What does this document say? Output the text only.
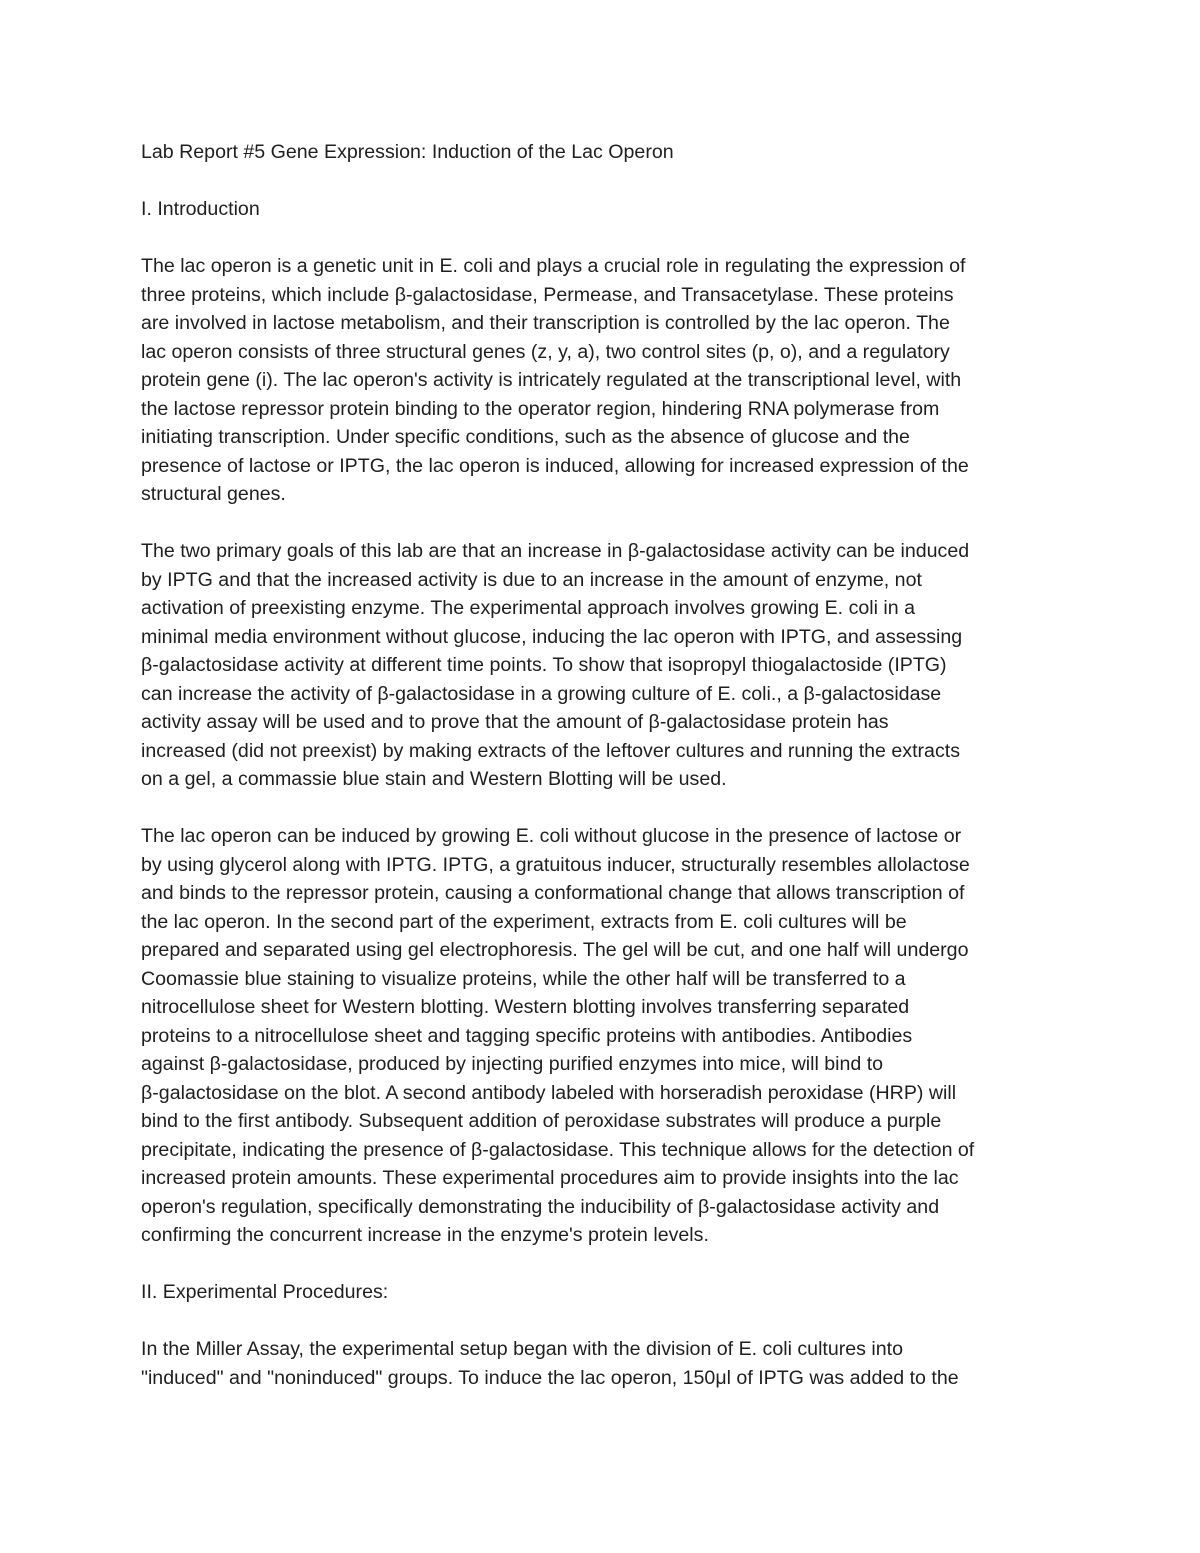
Lab Report #5 Gene Expression: Induction of the Lac Operon

I. Introduction

The lac operon is a genetic unit in E. coli and plays a crucial role in regulating the expression of
three proteins, which include β-galactosidase, Permease, and Transacetylase. These proteins
are involved in lactose metabolism, and their transcription is controlled by the lac operon. The
lac operon consists of three structural genes (z, y, a), two control sites (p, o), and a regulatory
protein gene (i). The lac operon's activity is intricately regulated at the transcriptional level, with
the lactose repressor protein binding to the operator region, hindering RNA polymerase from
initiating transcription. Under specific conditions, such as the absence of glucose and the
presence of lactose or IPTG, the lac operon is induced, allowing for increased expression of the
structural genes.

The two primary goals of this lab are that an increase in β-galactosidase activity can be induced
by IPTG and that the increased activity is due to an increase in the amount of enzyme, not
activation of preexisting enzyme. The experimental approach involves growing E. coli in a
minimal media environment without glucose, inducing the lac operon with IPTG, and assessing
β-galactosidase activity at different time points. To show that isopropyl thiogalactoside (IPTG)
can increase the activity of β-galactosidase in a growing culture of E. coli., a β-galactosidase
activity assay will be used and to prove that the amount of β-galactosidase protein has
increased (did not preexist) by making extracts of the leftover cultures and running the extracts
on a gel, a commassie blue stain and Western Blotting will be used.

The lac operon can be induced by growing E. coli without glucose in the presence of lactose or
by using glycerol along with IPTG. IPTG, a gratuitous inducer, structurally resembles allolactose
and binds to the repressor protein, causing a conformational change that allows transcription of
the lac operon. In the second part of the experiment, extracts from E. coli cultures will be
prepared and separated using gel electrophoresis. The gel will be cut, and one half will undergo
Coomassie blue staining to visualize proteins, while the other half will be transferred to a
nitrocellulose sheet for Western blotting. Western blotting involves transferring separated
proteins to a nitrocellulose sheet and tagging specific proteins with antibodies. Antibodies
against β-galactosidase, produced by injecting purified enzymes into mice, will bind to
β-galactosidase on the blot. A second antibody labeled with horseradish peroxidase (HRP) will
bind to the first antibody. Subsequent addition of peroxidase substrates will produce a purple
precipitate, indicating the presence of β-galactosidase. This technique allows for the detection of
increased protein amounts. These experimental procedures aim to provide insights into the lac
operon's regulation, specifically demonstrating the inducibility of β-galactosidase activity and
confirming the concurrent increase in the enzyme's protein levels.

II. Experimental Procedures:

In the Miller Assay, the experimental setup began with the division of E. coli cultures into
"induced" and "noninduced" groups. To induce the lac operon, 150μl of IPTG was added to the
